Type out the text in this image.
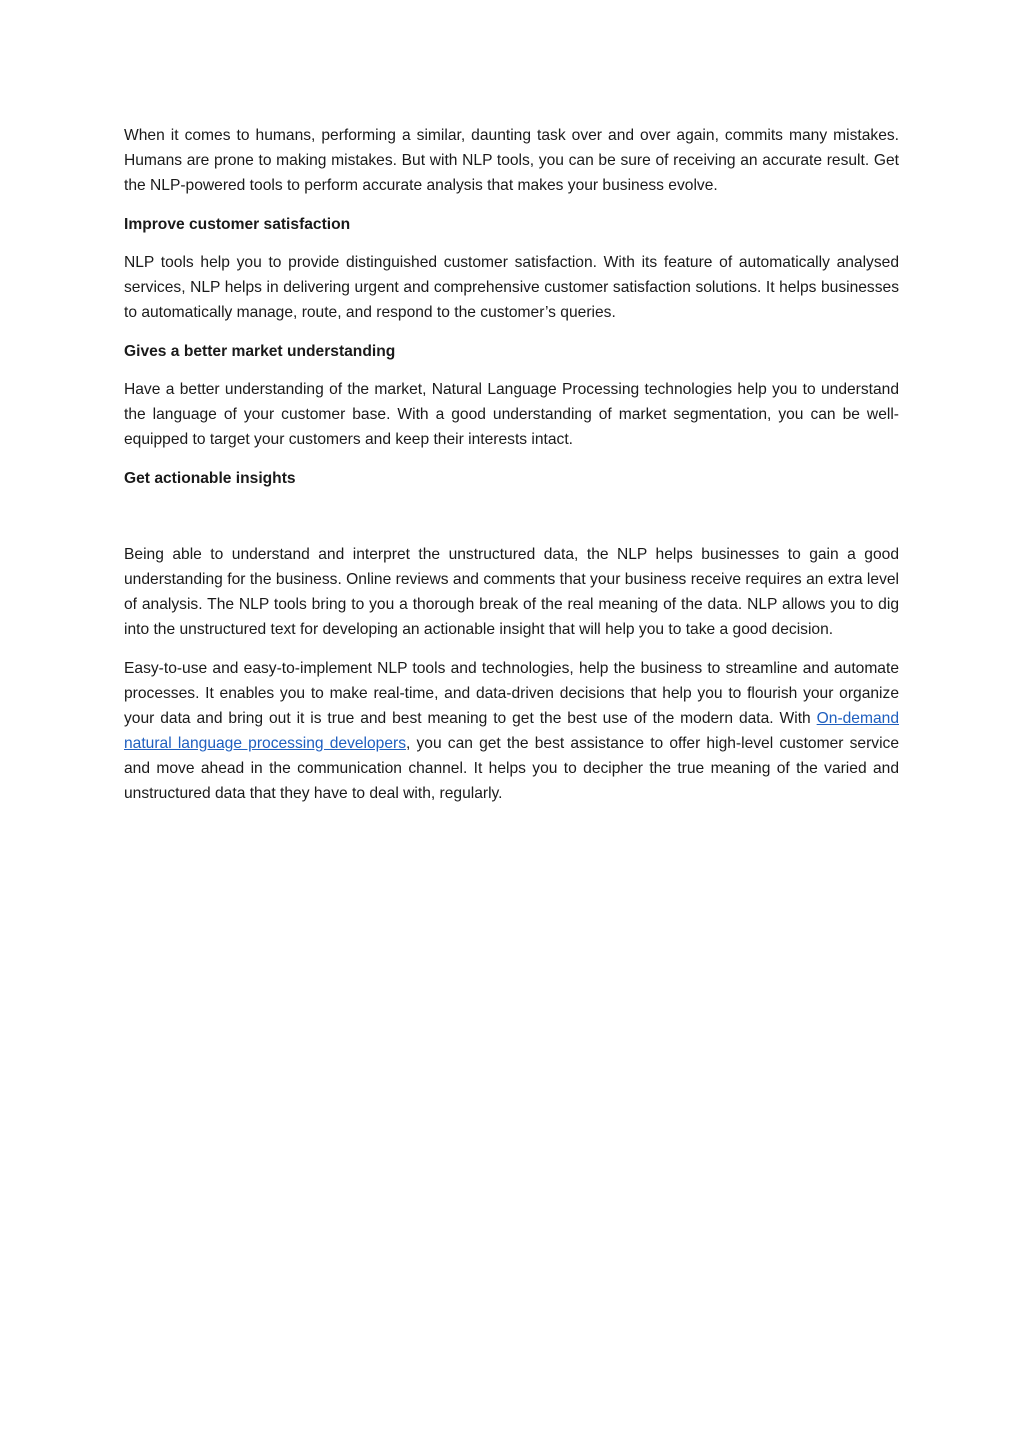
When it comes to humans, performing a similar, daunting task over and over again, commits many mistakes. Humans are prone to making mistakes. But with NLP tools, you can be sure of receiving an accurate result. Get the NLP-powered tools to perform accurate analysis that makes your business evolve.

Improve customer satisfaction

NLP tools help you to provide distinguished customer satisfaction. With its feature of automatically analysed services, NLP helps in delivering urgent and comprehensive customer satisfaction solutions. It helps businesses to automatically manage, route, and respond to the customer’s queries.

Gives a better market understanding

Have a better understanding of the market, Natural Language Processing technologies help you to understand the language of your customer base. With a good understanding of market segmentation, you can be well-equipped to target your customers and keep their interests intact.

Get actionable insights

Being able to understand and interpret the unstructured data, the NLP helps businesses to gain a good understanding for the business. Online reviews and comments that your business receive requires an extra level of analysis. The NLP tools bring to you a thorough break of the real meaning of the data. NLP allows you to dig into the unstructured text for developing an actionable insight that will help you to take a good decision.

Easy-to-use and easy-to-implement NLP tools and technologies, help the business to streamline and automate processes. It enables you to make real-time, and data-driven decisions that help you to flourish your organize your data and bring out it is true and best meaning to get the best use of the modern data. With On-demand natural language processing developers, you can get the best assistance to offer high-level customer service and move ahead in the communication channel. It helps you to decipher the true meaning of the varied and unstructured data that they have to deal with, regularly.
